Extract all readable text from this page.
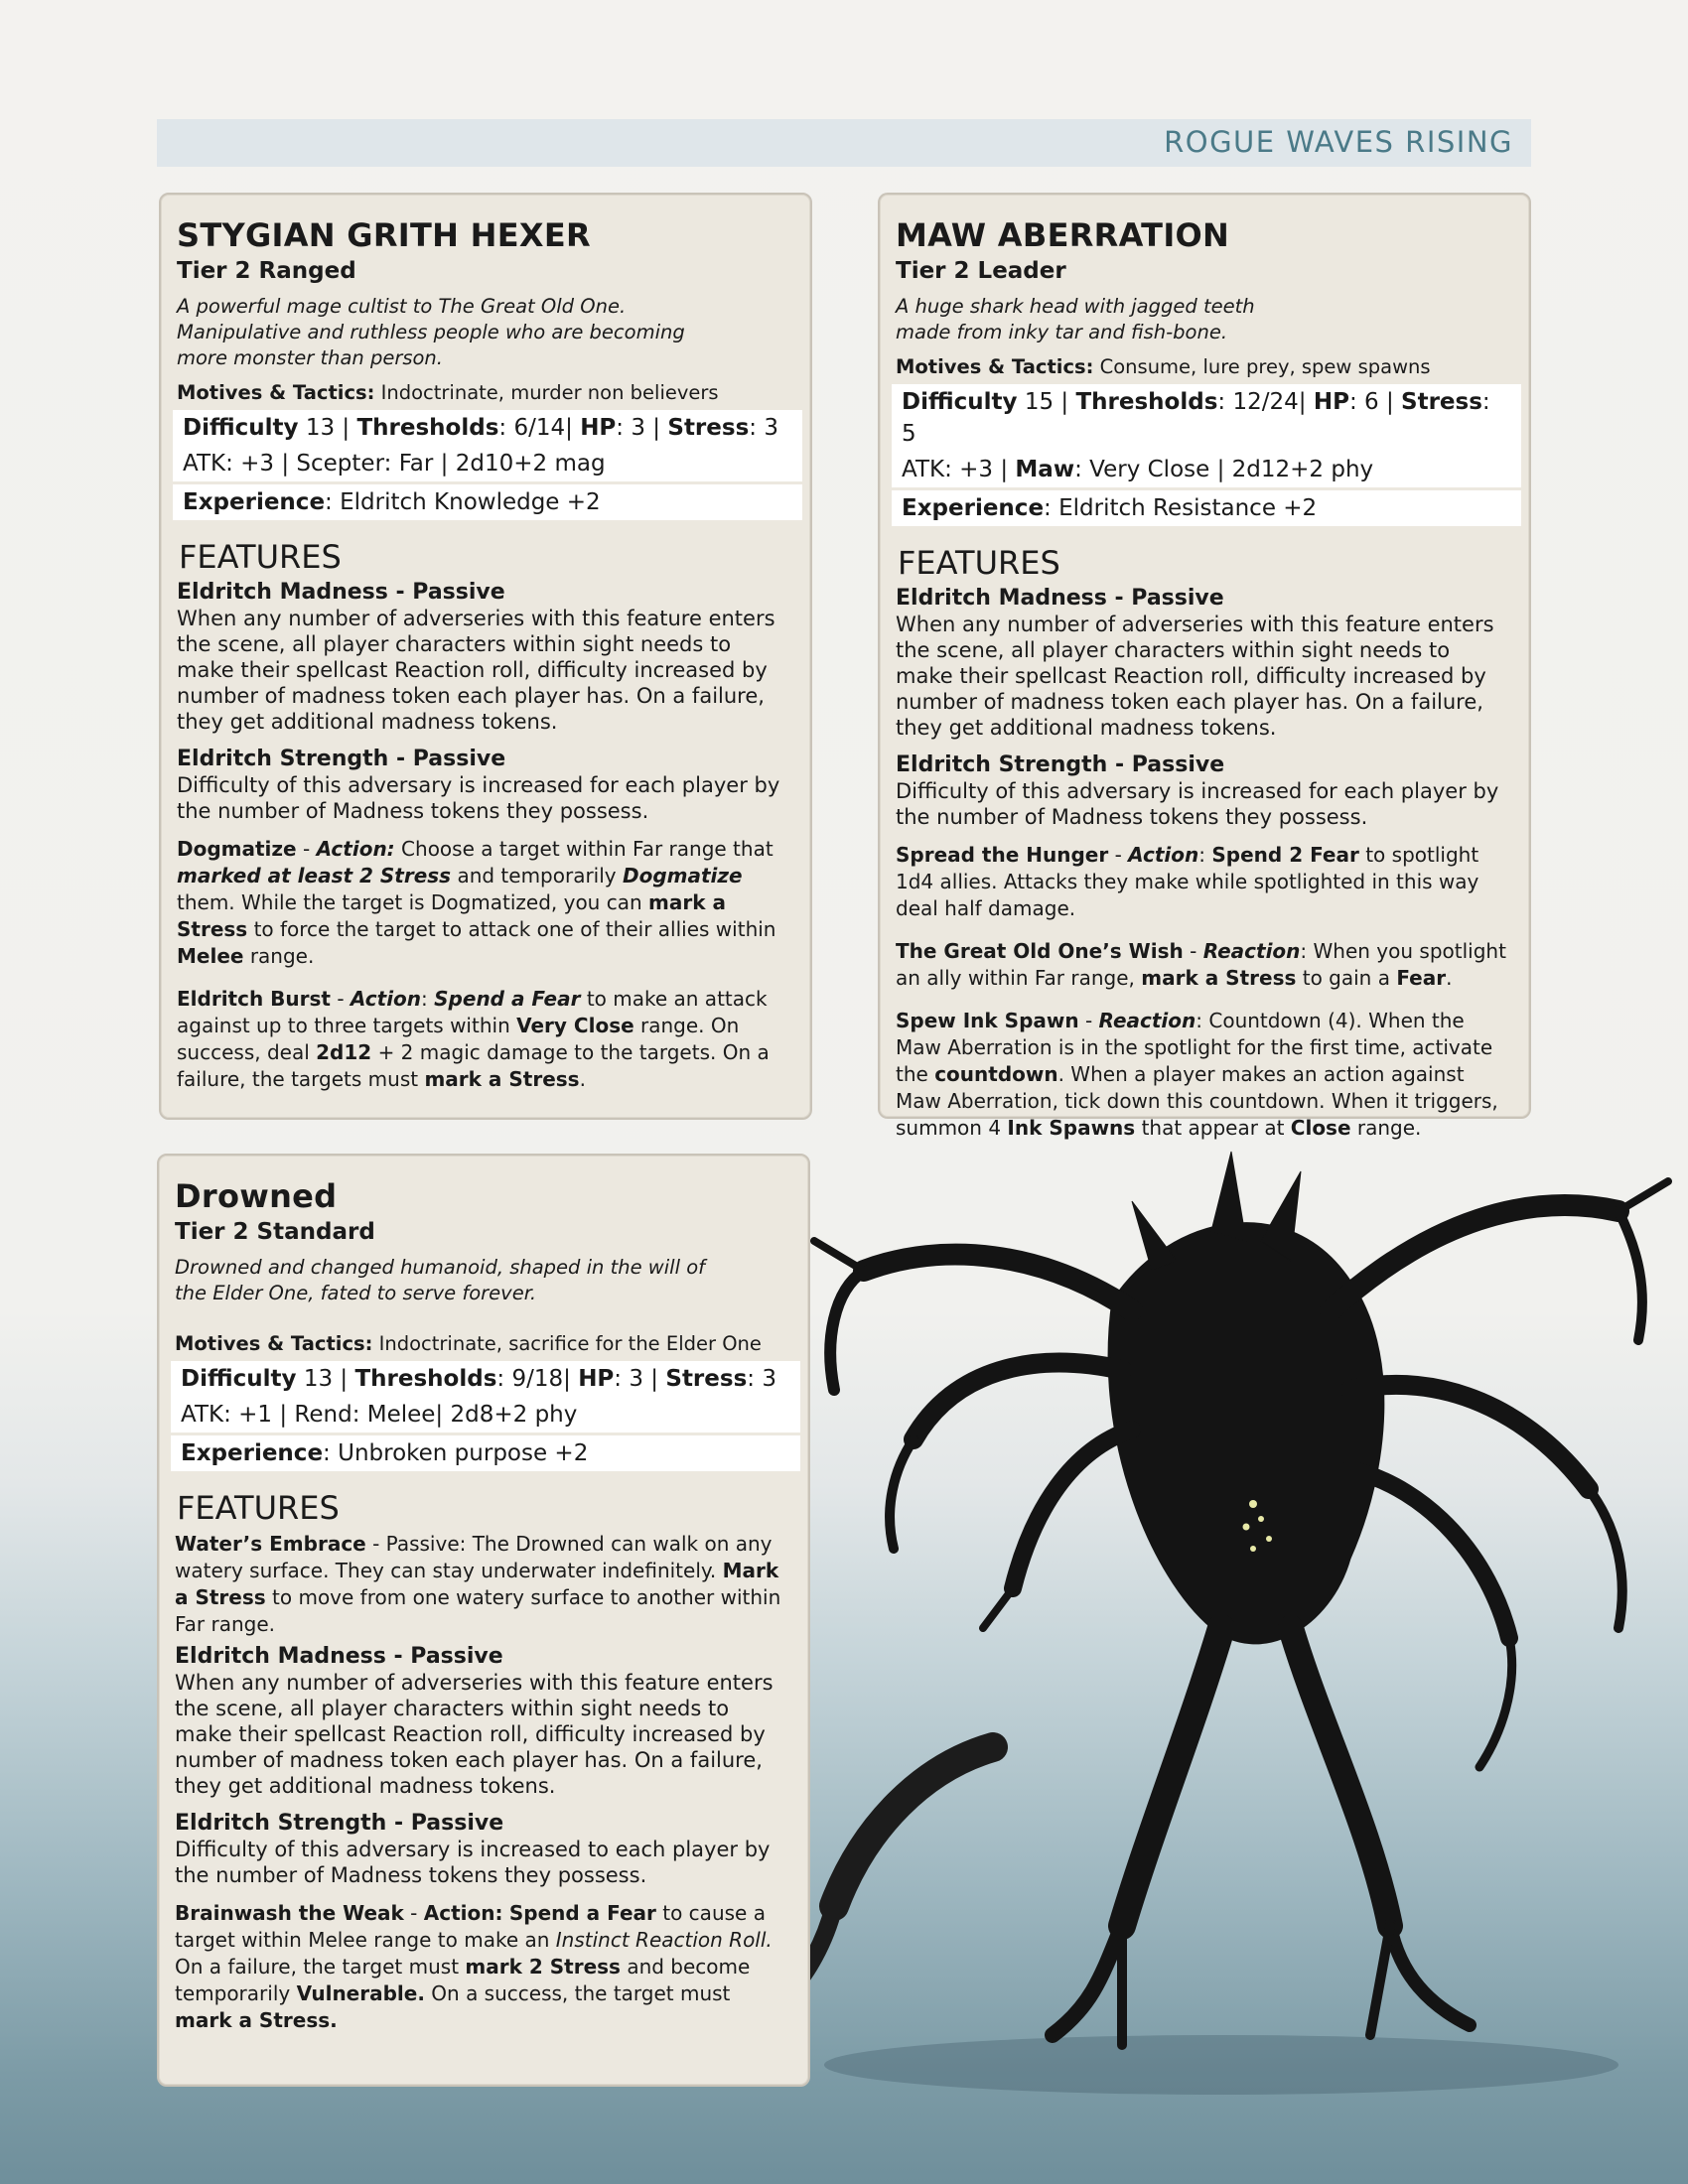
ROGUE WAVES RISING
STYGIAN GRITH HEXER
Tier 2 Ranged
A powerful mage cultist to The Great Old One. Manipulative and ruthless people who are becoming more monster than person.
Motives & Tactics: Indoctrinate, murder non believers
Difficulty 13 | Thresholds: 6/14| HP: 3 | Stress: 3
ATK: +3 | Scepter: Far | 2d10+2 mag
Experience: Eldritch Knowledge +2
FEATURES
Eldritch Madness - Passive
When any number of adverseries with this feature enters the scene, all player characters within sight needs to make their spellcast Reaction roll, difficulty increased by number of madness token each player has. On a failure, they get additional madness tokens.
Eldritch Strength - Passive
Difficulty of this adversary is increased for each player by the number of Madness tokens they possess.
Dogmatize - Action: Choose a target within Far range that marked at least 2 Stress and temporarily Dogmatize them. While the target is Dogmatized, you can mark a Stress to force the target to attack one of their allies within Melee range.
Eldritch Burst - Action: Spend a Fear to make an attack against up to three targets within Very Close range. On success, deal 2d12 + 2 magic damage to the targets. On a failure, the targets must mark a Stress.
MAW ABERRATION
Tier 2 Leader
A huge shark head with jagged teeth made from inky tar and fish-bone.
Motives & Tactics: Consume, lure prey, spew spawns
Difficulty 15 | Thresholds: 12/24| HP: 6 | Stress: 5
ATK: +3 | Maw: Very Close | 2d12+2 phy
Experience: Eldritch Resistance +2
FEATURES
Eldritch Madness - Passive
When any number of adverseries with this feature enters the scene, all player characters within sight needs to make their spellcast Reaction roll, difficulty increased by number of madness token each player has. On a failure, they get additional madness tokens.
Eldritch Strength - Passive
Difficulty of this adversary is increased for each player by the number of Madness tokens they possess.
Spread the Hunger - Action: Spend 2 Fear to spotlight 1d4 allies. Attacks they make while spotlighted in this way deal half damage.
The Great Old One’s Wish - Reaction: When you spotlight an ally within Far range, mark a Stress to gain a Fear.
Spew Ink Spawn - Reaction: Countdown (4). When the Maw Aberration is in the spotlight for the first time, activate the countdown. When a player makes an action against Maw Aberration, tick down this countdown. When it triggers, summon 4 Ink Spawns that appear at Close range.
Drowned
Tier 2 Standard
Drowned and changed humanoid, shaped in the will of the Elder One, fated to serve forever.
Motives & Tactics: Indoctrinate, sacrifice for the Elder One
Difficulty 13 | Thresholds: 9/18| HP: 3 | Stress: 3
ATK: +1 | Rend: Melee| 2d8+2 phy
Experience: Unbroken purpose +2
FEATURES
Water’s Embrace - Passive: The Drowned can walk on any watery surface. They can stay underwater indefinitely. Mark a Stress to move from one watery surface to another within Far range.
Eldritch Madness - Passive
When any number of adverseries with this feature enters the scene, all player characters within sight needs to make their spellcast Reaction roll, difficulty increased by number of madness token each player has. On a failure, they get additional madness tokens.
Eldritch Strength - Passive
Difficulty of this adversary is increased to each player by the number of Madness tokens they possess.
Brainwash the Weak - Action: Spend a Fear to cause a target within Melee range to make an Instinct Reaction Roll. On a failure, the target must mark 2 Stress and become temporarily Vulnerable. On a success, the target must mark a Stress.
